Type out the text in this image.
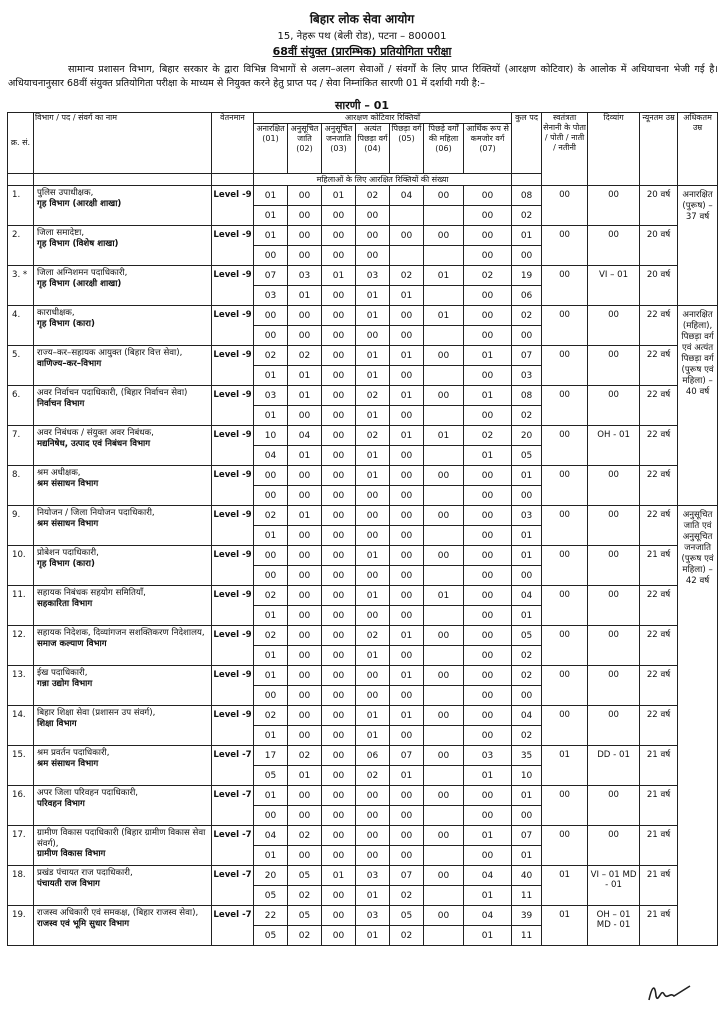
बिहार लोक सेवा आयोग
15, नेहरू पथ (बेली रोड), पटना – 800001
68वीं संयुक्त (प्रारम्भिक) प्रतियोगिता परीक्षा
सामान्य प्रशासन विभाग, बिहार सरकार के द्वारा विभिन्न विभागों से अलग–अलग सेवाओं / संवर्गों के लिए प्राप्त रिक्तियों (आरक्षण कोटिवार) के आलोक में अधियाचना भेजी गई है। अधियाचनानुसार 68वीं संयुक्त प्रतियोगिता परीक्षा के माध्यम से नियुक्त करने हेतु प्राप्त पद / सेवा निम्नांकित सारणी 01 में दर्शायी गयी है:–
सारणी – 01
क्र. सं.	विभाग / पद / संवर्ग का नाम	वेतनमान	आरक्षण कोटिवार रिक्तियाँ							कुल पद	स्वतंत्रता सेनानी के पोता / पोती / नाती / नतीनी	दिव्यांग	न्यूनतम उम्र	अधिकतम उम्र
			अनारक्षित (01)	अनुसूचित जाति (02)	अनुसूचित जनजाति (03)	अत्यंत पिछड़ा वर्ग (04)	पिछड़ा वर्ग (05)	पिछड़े वर्गों की महिला (06)	आर्थिक रूप से कमजोर वर्ग (07)					
			महिलाओं के लिए आरक्षित रिक्तियों की संख्या											
1.	पुलिस उपाधीक्षक,
गृह विभाग (आरक्षी शाखा)	Level -9	01	00	01	02	04	00	00	08	00	00	20 वर्ष	अनारक्षित (पुरूष) – 37 वर्ष
			01	00	00	00			00	02				
2.	जिला समादेष्टा,
गृह विभाग (विशेष शाखा)	Level -9	01	00	00	00	00	00	00	01	00	00	20 वर्ष	
			00	00	00	00			00	00				
3. *	जिला अग्निशमन पदाधिकारी,
गृह विभाग (आरक्षी शाखा)	Level -9	07	03	01	03	02	01	02	19	00	VI – 01	20 वर्ष	
			03	01	00	01	01		00	06				
4.	काराधीक्षक,
गृह विभाग (कारा)	Level -9	00	00	00	01	00	01	00	02	00	00	22 वर्ष	अनारक्षित (महिला), पिछड़ा वर्ग एवं अत्यंत पिछड़ा वर्ग (पुरूष एवं महिला) – 40 वर्ष
			00	00	00	00	00		00	00				
5.	राज्य–कर–सहायक आयुक्त (बिहार वित्त सेवा),
वाणिज्य–कर–विभाग	Level -9	02	02	00	01	01	00	01	07	00	00	22 वर्ष	
			01	01	00	01	00		00	03				
6.	अवर निर्वाचन पदाधिकारी, (बिहार निर्वाचन सेवा)
निर्वाचन विभाग	Level -9	03	01	00	02	01	00	01	08	00	00	22 वर्ष	
			01	00	00	01	00		00	02				
7.	अवर निबंधक / संयुक्त अवर निबंधक,
मद्यनिषेध, उत्पाद एवं निबंधन विभाग	Level -9	10	04	00	02	01	01	02	20	00	OH - 01	22 वर्ष	
			04	01	00	01	00		01	05				
8.	श्रम अधीक्षक,
श्रम संसाधन विभाग	Level -9	00	00	00	01	00	00	00	01	00	00	22 वर्ष	
			00	00	00	00	00		00	00				
9.	नियोजन / जिला नियोजन पदाधिकारी,
श्रम संसाधन विभाग	Level -9	02	01	00	00	00	00	00	03	00	00	22 वर्ष	अनुसूचित जाति एवं अनुसूचित जनजाति (पुरूष एवं महिला) – 42 वर्ष
			01	00	00	00	00		00	01				
10.	प्रोबेशन पदाधिकारी,
गृह विभाग (कारा)	Level -9	00	00	00	01	00	00	00	01	00	00	21 वर्ष	
			00	00	00	00	00		00	00				
11.	सहायक निबंधक सहयोग समितियाँ,
सहकारिता विभाग	Level -9	02	00	00	01	00	01	00	04	00	00	22 वर्ष	
			01	00	00	00	00		00	01				
12.	सहायक निदेशक, दिव्यांगजन सशक्तिकरण निदेशालय,
समाज कल्याण विभाग	Level -9	02	00	00	02	01	00	00	05	00	00	22 वर्ष	
			01	00	00	01	00		00	02				
13.	ईख पदाधिकारी,
गन्ना उद्योग विभाग	Level -9	01	00	00	00	01	00	00	02	00	00	22 वर्ष	
			00	00	00	00	00		00	00				
14.	बिहार शिक्षा सेवा (प्रशासन उप संवर्ग),
शिक्षा विभाग	Level -9	02	00	00	01	01	00	00	04	00	00	22 वर्ष	
			01	00	00	01	00		00	02				
15.	श्रम प्रवर्तन पदाधिकारी,
श्रम संसाधन विभाग	Level -7	17	02	00	06	07	00	03	35	01	DD - 01	21 वर्ष	
			05	01	00	02	01		01	10				
16.	अपर जिला परिवहन पदाधिकारी,
परिवहन विभाग	Level -7	01	00	00	00	00	00	00	01	00	00	21 वर्ष	
			00	00	00	00	00		00	00				
17.	ग्रामीण विकास पदाधिकारी (बिहार ग्रामीण विकास सेवा संवर्ग),
ग्रामीण विकास विभाग	Level -7	04	02	00	00	00	00	01	07	00	00	21 वर्ष	
			01	00	00	00	00		00	01				
18.	प्रखंड पंचायत राज पदाधिकारी,
पंचायती राज विभाग	Level -7	20	05	01	03	07	00	04	40	01	VI – 01 MD - 01	21 वर्ष	
			05	02	00	01	02		01	11				
19.	राजस्व अधिकारी एवं समकक्ष, (बिहार राजस्व सेवा),
राजस्व एवं भूमि सुधार विभाग	Level -7	22	05	00	03	05	00	04	39	01	OH – 01 MD - 01	21 वर्ष	
			05	02	00	01	02		01	11				
